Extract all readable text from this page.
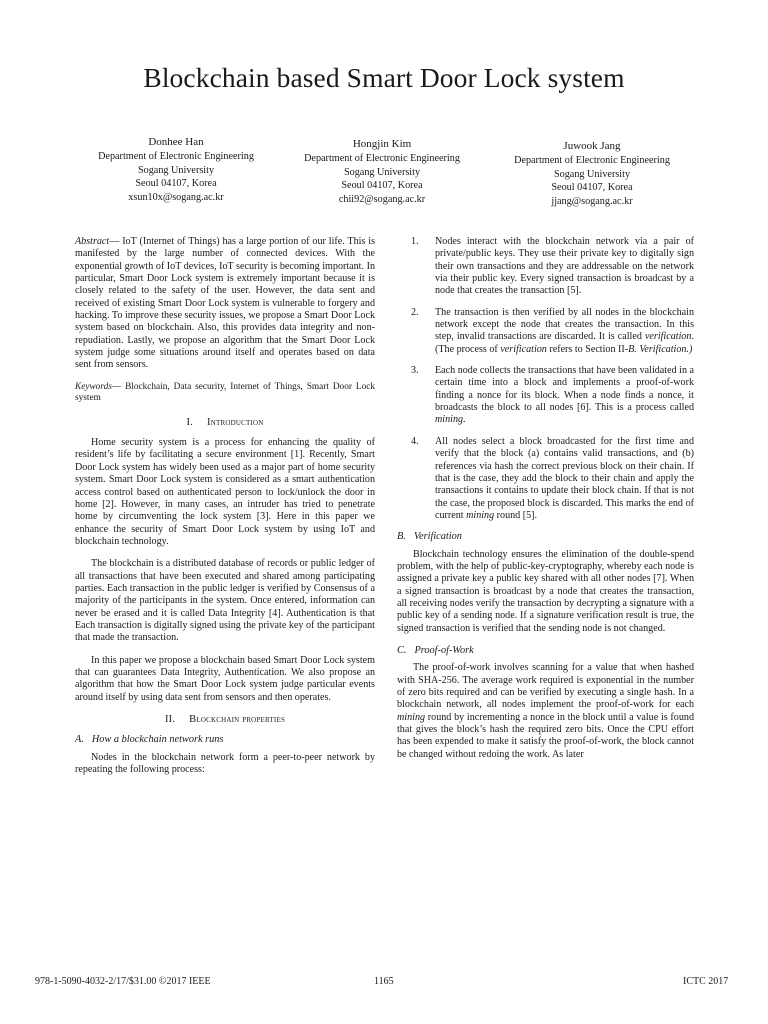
Blockchain based Smart Door Lock system
Donhee Han
Department of Electronic Engineering
Sogang University
Seoul 04107, Korea
xsun10x@sogang.ac.kr
Hongjin Kim
Department of Electronic Engineering
Sogang University
Seoul 04107, Korea
chii92@sogang.ac.kr
Juwook Jang
Department of Electronic Engineering
Sogang University
Seoul 04107, Korea
jjang@sogang.ac.kr

Abstract— IoT (Internet of Things) has a large portion of our life. This is manifested by the large number of connected devices. With the exponential growth of IoT devices, IoT security is becoming important. In particular, Smart Door Lock system is extremely important because it is closely related to the safety of the user. However, the data sent and received of existing Smart Door Lock system is vulnerable to forgery and hacking. To improve these security issues, we propose a Smart Door Lock system based on blockchain. Also, this provides data integrity and non-repudiation. Lastly, we propose an algorithm that the Smart Door Lock system judge some situations around itself and operates based on data sent from sensors.

Keywords— Blockchain, Data security, Internet of Things, Smart Door Lock system

I. Introduction

Home security system is a process for enhancing the quality of resident’s life by facilitating a secure environment [1]. Recently, Smart Door Lock system has widely been used as a major part of home security system. Smart Door Lock system is considered as a smart authentication access control based on authenticated person to lock/unlock the door in home [2]. However, in many cases, an intruder has tried to penetrate home by circumventing the lock system [3]. Here in this paper we enhance the security of Smart Door Lock system by using IoT and blockchain technology.

The blockchain is a distributed database of records or public ledger of all transactions that have been executed and shared among participating parties. Each transaction in the public ledger is verified by Consensus of a majority of the participants in the system. Once entered, information can never be erased and it is called Data Integrity [4]. Authentication is that Each transaction is digitally signed using the private key of the participant that made the transaction.

In this paper we propose a blockchain based Smart Door Lock system that can guarantees Data Integrity, Authentication. We also propose an algorithm that how the Smart Door Lock system judge particular events around itself by using data sent from sensors and then operates.

II. Blockchain properties
A. How a blockchain network runs

Nodes in the blockchain network form a peer-to-peer network by repeating the following process:

1. Nodes interact with the blockchain network via a pair of private/public keys. They use their private key to digitally sign their own transactions and they are addressable on the network via their public key. Every signed transaction is broadcast by a node that creates the transaction [5].
2. The transaction is then verified by all nodes in the blockchain network except the node that creates the transaction. In this step, invalid transactions are discarded. It is called verification. (The process of verification refers to Section II-B. Verification.)
3. Each node collects the transactions that have been validated in a certain time into a block and implements a proof-of-work finding a nonce for its block. When a node finds a nonce, it broadcasts the block to all nodes [6]. This is a process called mining.
4. All nodes select a block broadcasted for the first time and verify that the block (a) contains valid transactions, and (b) references via hash the correct previous block on their chain. If that is the case, they add the block to their chain and apply the transactions it contains to update their block chain. If that is not the case, the proposed block is discarded. This marks the end of current mining round [5].
B. Verification

Blockchain technology ensures the elimination of the double-spend problem, with the help of public-key-cryptography, whereby each node is assigned a private key a public key shared with all other nodes [7]. When a signed transaction is broadcast by a node that creates the transaction, all receiving nodes verify the transaction by decrypting a signature with a public key of a sending node. If a signature verification result is true, the signed transaction is verified that the sending node is not changed.

C. Proof-of-Work

The proof-of-work involves scanning for a value that when hashed with SHA-256. The average work required is exponential in the number of zero bits required and can be verified by executing a single hash. In a blockchain network, all nodes implement the proof-of-work for each mining round by incrementing a nonce in the block until a value is found that gives the block’s hash the required zero bits. Once the CPU effort has been expended to make it satisfy the proof-of-work, the block cannot be changed without redoing the work. As later

978-1-5090-4032-2/17/$31.00 ©2017 IEEE	1165	ICTC 2017
